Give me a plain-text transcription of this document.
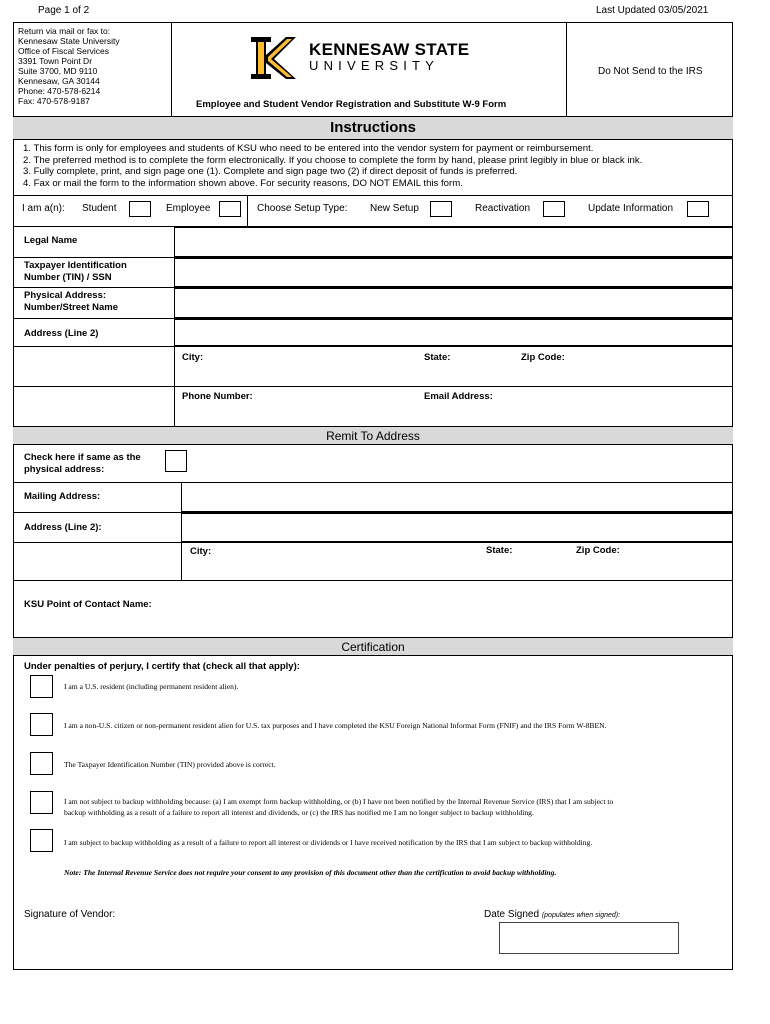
Page 1 of 2	Last Updated 03/05/2021
Return via mail or fax to:
Kennesaw State University
Office of Fiscal Services
3391 Town Point Dr
Suite 3700, MD 9110
Kennesaw, GA 30144
Phone: 470-578-6214
Fax: 470-578-9187
KENNESAW STATE
UNIVERSITY
Employee and Student Vendor Registration and Substitute W-9 Form
Do Not Send to the IRS
Instructions
1. This form is only for employees and students of KSU who need to be entered into the vendor system for payment or reimbursement.
2. The preferred method is to complete the form electronically. If you choose to complete the form by hand, please print legibly in blue or black ink.
3. Fully complete, print, and sign page one (1). Complete and sign page two (2) if direct deposit of funds is preferred.
4. Fax or mail the form to the information shown above. For security reasons, DO NOT EMAIL this form.
I am a(n): Student	Employee	Choose Setup Type: New Setup	Reactivation	Update Information
Legal Name
Taxpayer Identification
Number (TIN) / SSN
Physical Address:
Number/Street Name
Address (Line 2)
City:	State:	Zip Code:
Phone Number:	Email Address:
Remit To Address
Check here if same as the
physical address:
Mailing Address:
Address (Line 2):
City:	State:	Zip Code:
KSU Point of Contact Name:
Certification
Under penalties of perjury, I certify that (check all that apply):
I am a U.S. resident (including permanent resident alien).
I am a non-U.S. citizen or non-permanent resident alien for U.S. tax purposes and I have completed the KSU Foreign National Informat Form (FNIF) and the IRS Form W-8BEN.
The Taxpayer Identification Number (TIN) provided above is correct.
I am not subject to backup withholding because: (a) I am exempt form backup withholding, or (b) I have not been notified by the Internal Revenue Service (IRS) that I am subject to
backup withholding as a result of a failure to report all interest and dividends, or (c) the IRS has notified me I am no longer subject to backup withholding.
I am subject to backup withholding as a result of a failure to report all interest or dividends or I have received notification by the IRS that I am subject to backup withholding.
Note: The Internal Revenue Service does not require your consent to any provision of this document other than the certification to avoid backup withholding.
Signature of Vendor:	Date Signed (populates when signed):
